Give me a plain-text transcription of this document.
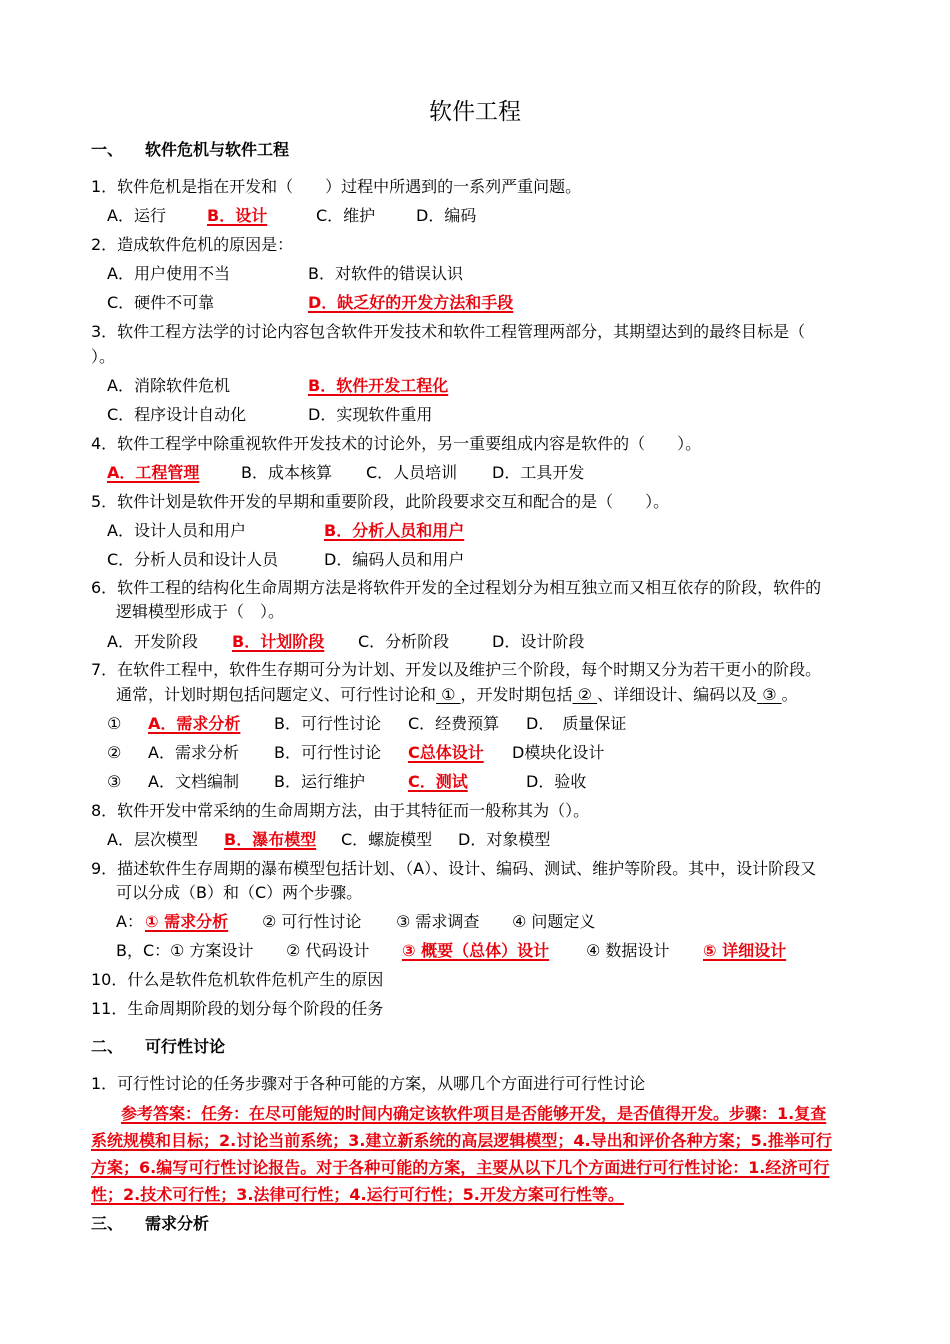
软件工程
一、 软件危机与软件工程
1．软件危机是指在开发和（　　）过程中所遇到的一系列严重问题。
A．运行	B．设计	C．维护	D．编码
2．造成软件危机的原因是：
A．用户使用不当	B．对软件的错误认识
C．硬件不可靠	D．缺乏好的开发方法和手段
3．软件工程方法学的讨论内容包含软件开发技术和软件工程管理两部分，其期望达到的最终目标是（
）。
A．消除软件危机	B．软件开发工程化
C．程序设计自动化	D．实现软件重用
4．软件工程学中除重视软件开发技术的讨论外，另一重要组成内容是软件的（　　）。
A．工程管理	B．成本核算 C．人员培训 D．工具开发
5．软件计划是软件开发的早期和重要阶段，此阶段要求交互和配合的是（　　）。
A．设计人员和用户	B．分析人员和用户
C．分析人员和设计人员	D．编码人员和用户
6．软件工程的结构化生命周期方法是将软件开发的全过程划分为相互独立而又相互依存的阶段，软件的
逻辑模型形成于（　）。
A．开发阶段 B．计划阶段 C．分析阶段	D．设计阶段
7．在软件工程中，软件生存期可分为计划、开发以及维护三个阶段，每个时期又分为若干更小的阶段。
通常，计划时期包括问题定义、可行性讨论和 ① ，开发时期包括 ② 、详细设计、编码以及 ③ 。
① A．需求分析 B．可行性讨论 C．经费预算 D．　质量保证
② A．需求分析 B．可行性讨论 C总体设计 D模块化设计
③ A．文档编制 B．运行维护	C．测试	D．验收
8．软件开发中常采纳的生命周期方法，由于其特征而一般称其为（）。
A．层次模型 B．瀑布模型 C．螺旋模型 D．对象模型
9．描述软件生存周期的瀑布模型包括计划、（A）、设计、编码、测试、维护等阶段。其中，设计阶段又
可以分成（B）和（C）两个步骤。
A： ① 需求分析 ② 可行性讨论 ③ 需求调查 ④ 问题定义
B，C： ① 方案设计 ② 代码设计 ③ 概要（总体）设计 ④ 数据设计 ⑤ 详细设计
10．什么是软件危机软件危机产生的原因
11．生命周期阶段的划分每个阶段的任务
二、 可行性讨论
1．可行性讨论的任务步骤对于各种可能的方案，从哪几个方面进行可行性讨论
参考答案：任务：在尽可能短的时间内确定该软件项目是否能够开发，是否值得开发。步骤：1.复查
系统规模和目标；2.讨论当前系统；3.建立新系统的高层逻辑模型；4.导出和评价各种方案；5.推举可行
方案；6.编写可行性讨论报告。对于各种可能的方案，主要从以下几个方面进行可行性讨论：1.经济可行
性；2.技术可行性；3.法律可行性；4.运行可行性；5.开发方案可行性等。
三、 需求分析
